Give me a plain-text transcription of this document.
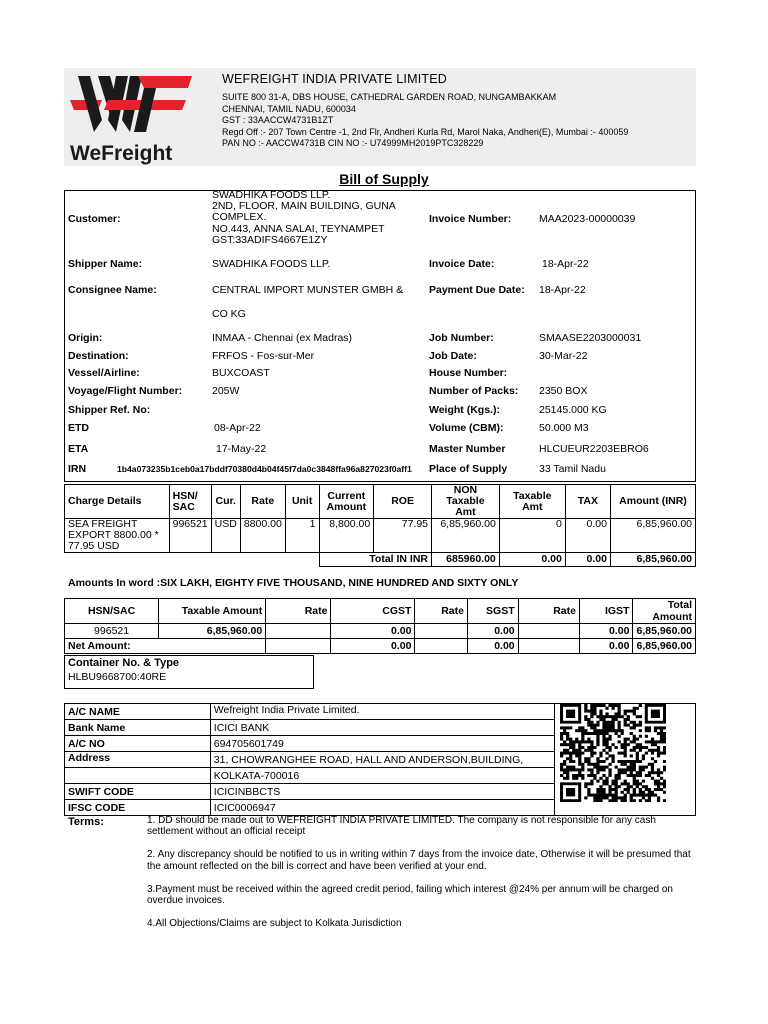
WeFreight
WEFREIGHT INDIA PRIVATE LIMITED
SUITE 800 31-A, DBS HOUSE, CATHEDRAL GARDEN ROAD, NUNGAMBAKKAM
CHENNAI, TAMIL NADU, 600034
GST : 33AACCW4731B1ZT
Regd Off :- 207 Town Centre -1, 2nd Flr, Andheri Kurla Rd, Marol Naka, Andheri(E), Mumbai :- 400059
PAN NO :- AACCW4731B CIN NO :- U74999MH2019PTC328229
Bill of Supply
Customer:
SWADHIKA FOODS LLP.
2ND, FLOOR, MAIN BUILDING, GUNA
COMPLEX.
NO.443, ANNA SALAI, TEYNAMPET
GST:33ADIFS4667E1ZY
Shipper Name:	SWADHIKA FOODS LLP.
Consignee Name:	CENTRAL IMPORT MUNSTER GMBH &
CO KG
Origin:	INMAA - Chennai (ex Madras)
Destination:	FRFOS - Fos-sur-Mer
Vessel/Airline:	BUXCOAST
Voyage/Flight Number:	205W
Shipper Ref. No:
ETD	08-Apr-22
ETA	17-May-22
IRN	1b4a073235b1ceb0a17bddf70380d4b04f45f7da0c3848ffa96a827023f0aff1
Invoice Number:	MAA2023-00000039
Invoice Date:	18-Apr-22
Payment Due Date: 18-Apr-22
Job Number:	SMAASE2203000031
Job Date:	30-Mar-22
House Number:
Number of Packs: 2350 BOX
Weight (Kgs.):	25145.000 KG
Volume (CBM):	50.000 M3
Master Number	HLCUEUR2203EBRO6
Place of Supply	33 Tamil Nadu
Charge Details	HSN/ SAC	Cur.	Rate	Unit	Current Amount	ROE	NON Taxable Amt	Taxable Amt	TAX	Amount (INR)
SEA FREIGHT EXPORT 8800.00 * 77.95 USD	996521	USD	8800.00	1	8,800.00	77.95	6,85,960.00	0	0.00	6,85,960.00
					Total IN INR		685960.00	0.00	0.00	6,85,960.00
Amounts In word :SIX LAKH, EIGHTY FIVE THOUSAND, NINE HUNDRED AND SIXTY ONLY
HSN/SAC	Taxable Amount	Rate	CGST	Rate	SGST	Rate	IGST	Total Amount
996521	6,85,960.00		0.00		0.00		0.00	6,85,960.00
Net Amount:			0.00		0.00		0.00	6,85,960.00
Container No. & Type
HLBU9668700:40RE
A/C NAME	Wefreight India Private Limited.	
Bank Name	ICICI BANK	
A/C NO	694705601749	
Address	31, CHOWRANGHEE ROAD, HALL AND ANDERSON,BUILDING,	
	KOLKATA-700016	
SWIFT CODE	ICICINBBCTS	
IFSC CODE	ICIC0006947	
Terms:	1. DD should be made out to WEFREIGHT INDIA PRIVATE LIMITED. The company is not responsible for any cash settlement without an official receipt

2. Any discrepancy should be notified to us in writing within 7 days from the invoice date, Otherwise it will be presumed that the amount reflected on the bill is correct and have been verified at your end.

3.Payment must be received within the agreed credit period, failing which interest @24% per annum will be charged on overdue invoices.

4.All Objections/Claims are subject to Kolkata Jurisdiction
